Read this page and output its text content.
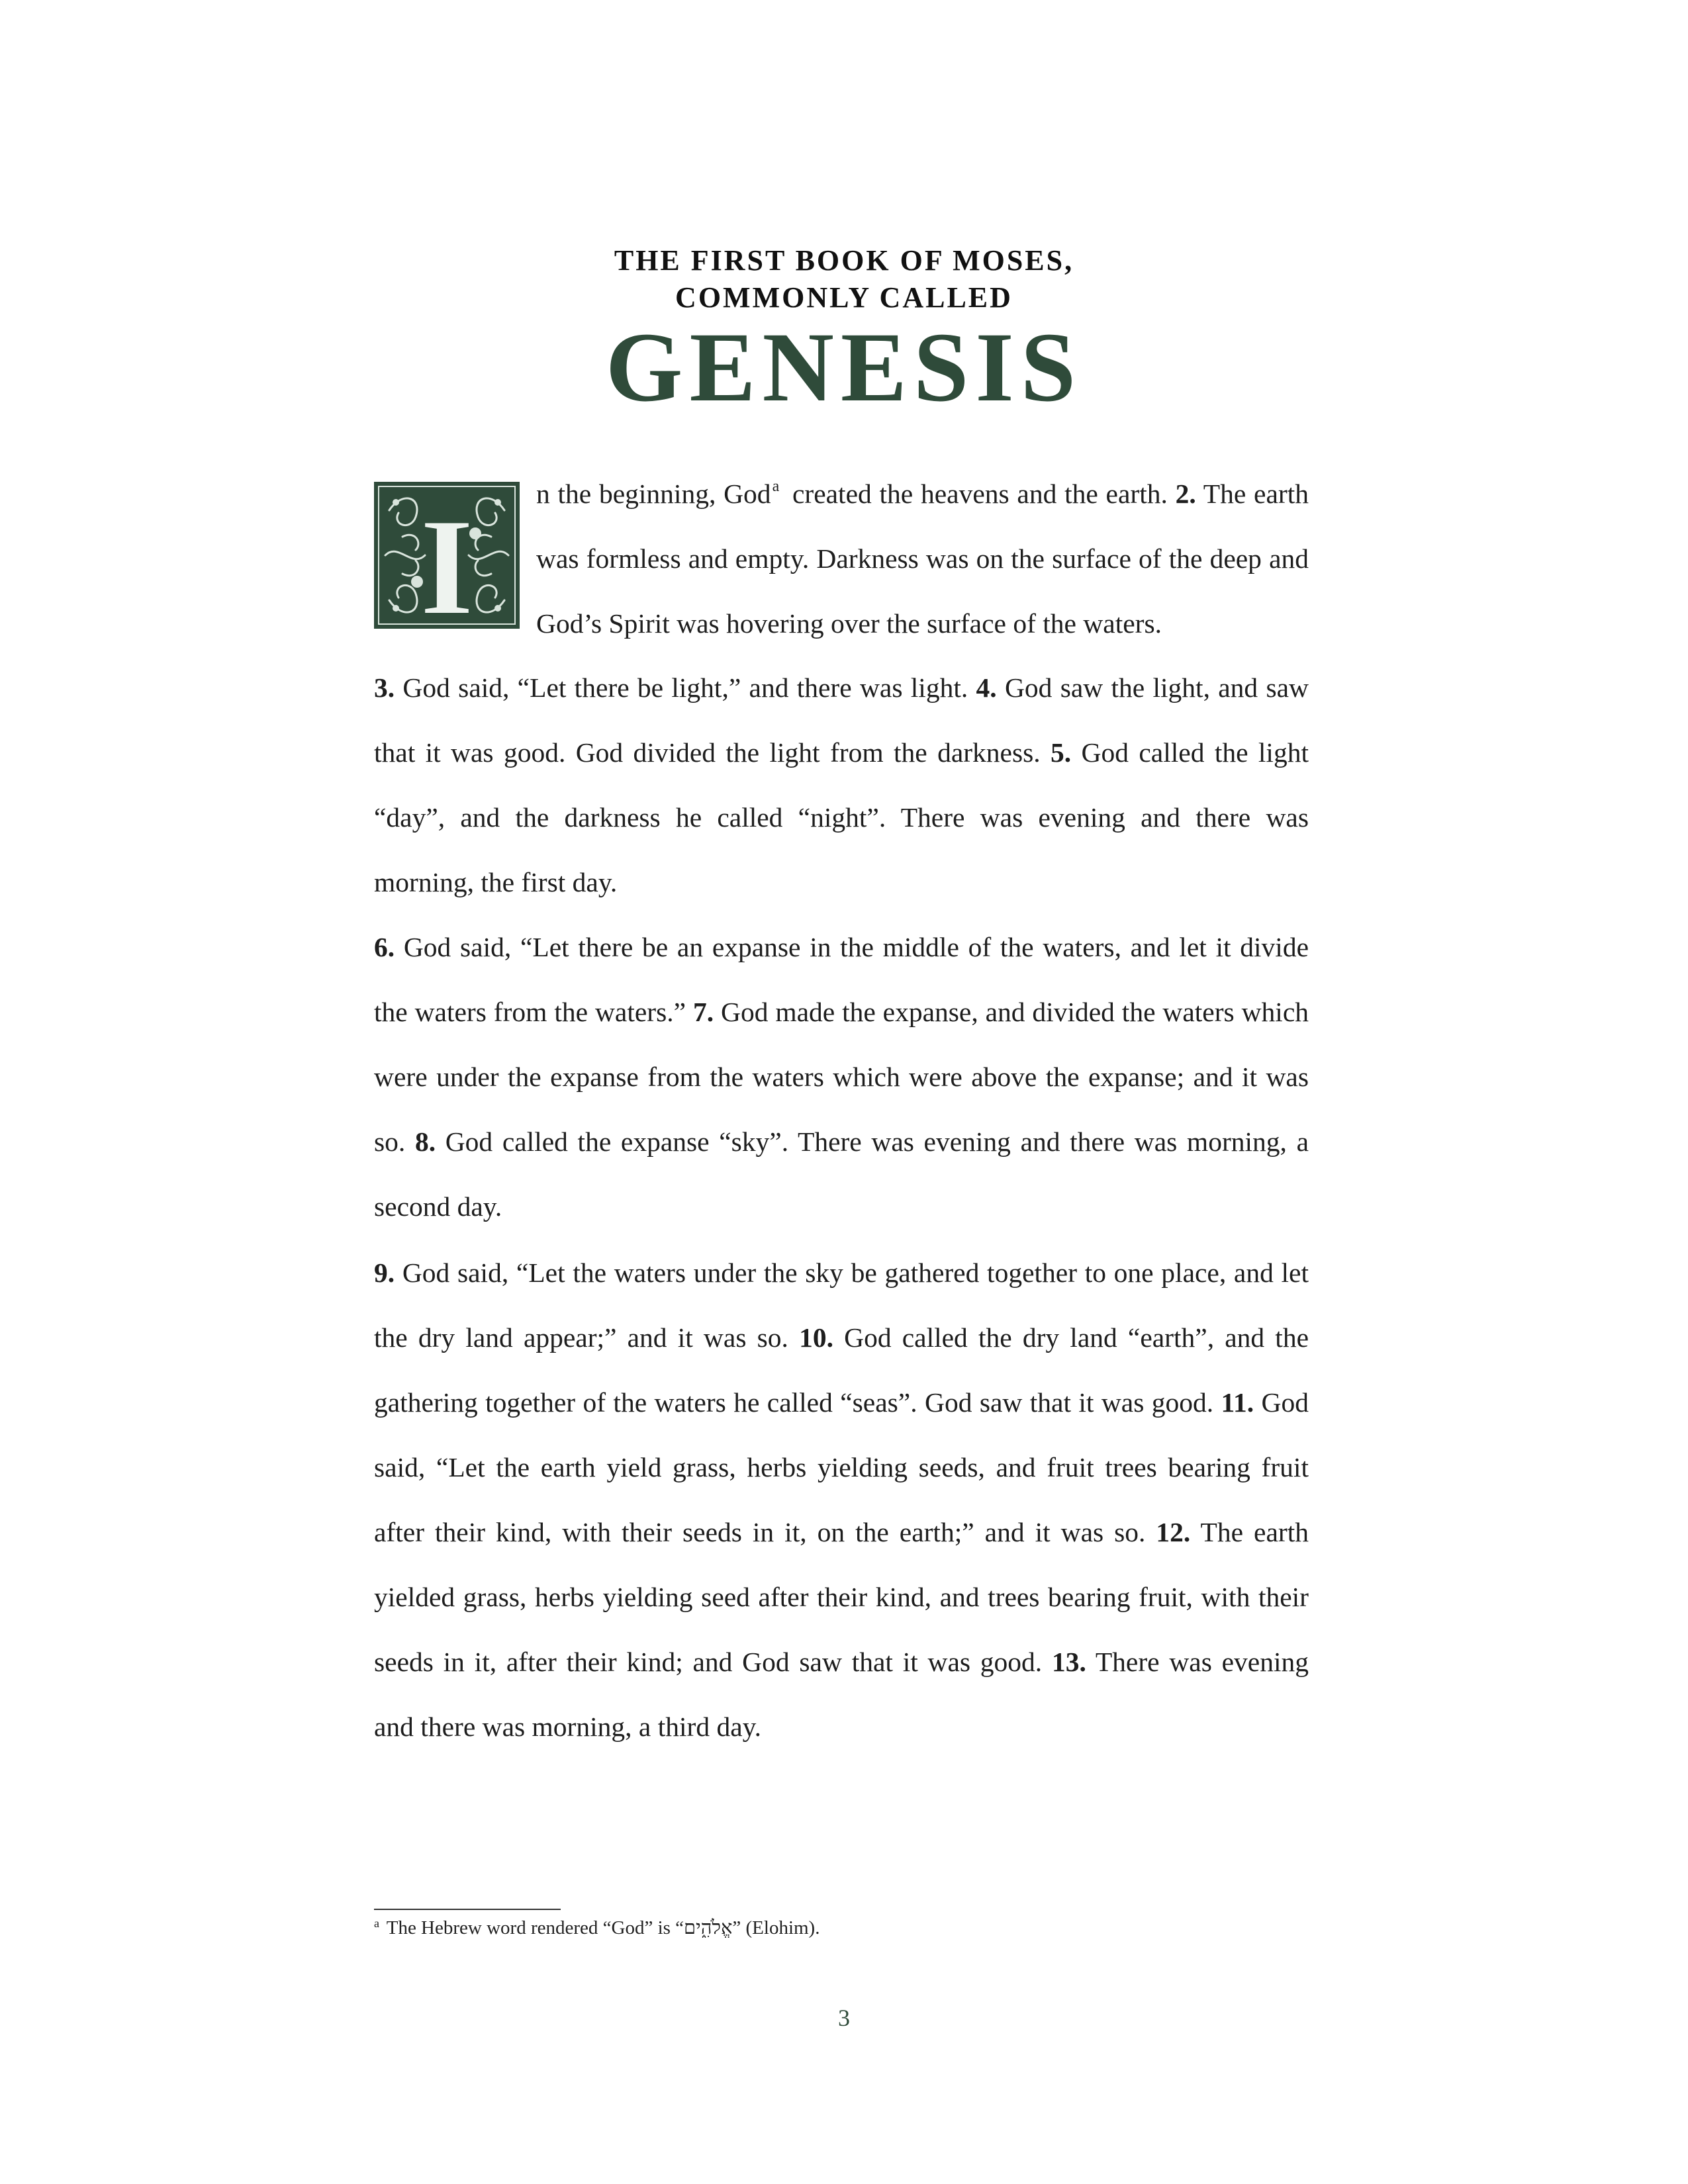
THE FIRST BOOK OF MOSES,
COMMONLY CALLED
GENESIS
I n the beginning, God$^a$ created the heavens and the earth. 2. The earth was formless and empty. Darkness was on the surface of the deep and God’s Spirit was hovering over the surface of the waters.
3. God said, “Let there be light,” and there was light. 4. God saw the light, and saw that it was good. God divided the light from the darkness. 5. God called the light “day”, and the darkness he called “night”. There was evening and there was morning, the first day.
6. God said, “Let there be an expanse in the middle of the waters, and let it divide the waters from the waters.” 7. God made the expanse, and divided the waters which were under the expanse from the waters which were above the expanse; and it was so. 8. God called the expanse “sky”. There was evening and there was morning, a second day.
9. God said, “Let the waters under the sky be gathered together to one place, and let the dry land appear;” and it was so. 10. God called the dry land “earth”, and the gathering together of the waters he called “seas”. God saw that it was good. 11. God said, “Let the earth yield grass, herbs yielding seeds, and fruit trees bearing fruit after their kind, with their seeds in it, on the earth;” and it was so. 12. The earth yielded grass, herbs yielding seed after their kind, and trees bearing fruit, with their seeds in it, after their kind; and God saw that it was good. 13. There was evening and there was morning, a third day.
$^a$ The Hebrew word rendered “God” is “אֱלֹהִ֑ים” (Elohim).
3
